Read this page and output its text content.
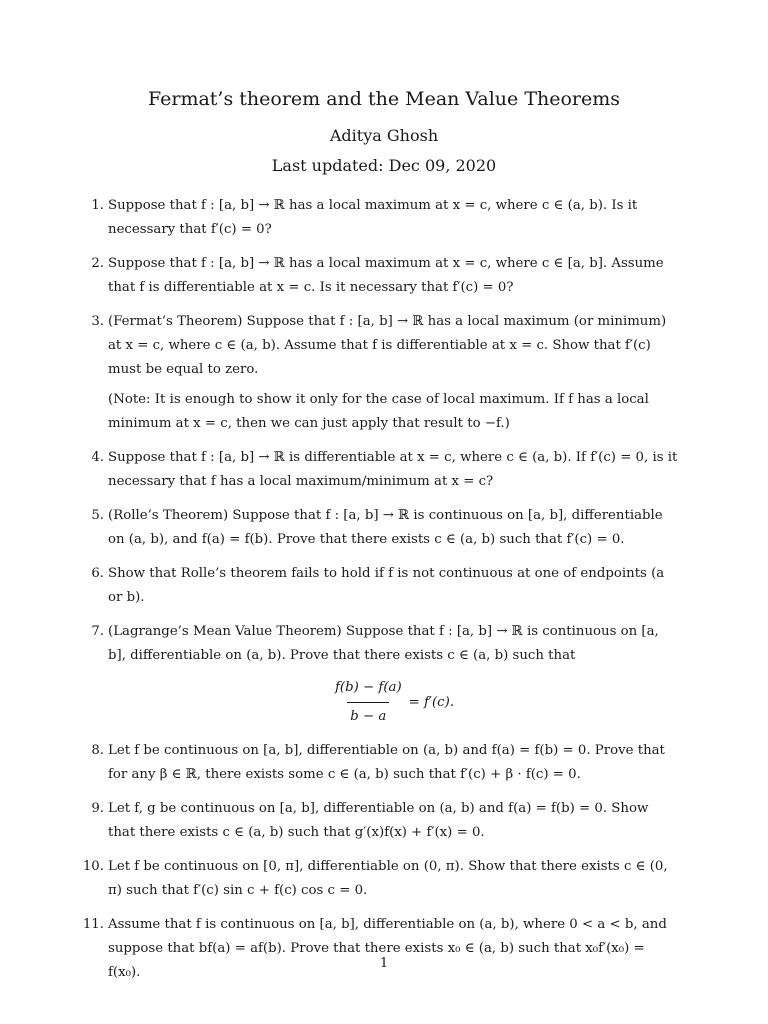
Fermat’s theorem and the Mean Value Theorems
Aditya Ghosh
Last updated: Dec 09, 2020
1. Suppose that f : [a, b] → ℝ has a local maximum at x = c, where c ∈ (a, b). Is it necessary that f′(c) = 0?

2. Suppose that f : [a, b] → ℝ has a local maximum at x = c, where c ∈ [a, b]. Assume that f is differentiable at x = c. Is it necessary that f′(c) = 0?

3. (Fermat’s Theorem) Suppose that f : [a, b] → ℝ has a local maximum (or minimum) at x = c, where c ∈ (a, b). Assume that f is differentiable at x = c. Show that f′(c) must be equal to zero.

(Note: It is enough to show it only for the case of local maximum. If f has a local minimum at x = c, then we can just apply that result to −f.)

4. Suppose that f : [a, b] → ℝ is differentiable at x = c, where c ∈ (a, b). If f′(c) = 0, is it necessary that f has a local maximum/minimum at x = c?

5. (Rolle’s Theorem) Suppose that f : [a, b] → ℝ is continuous on [a, b], differentiable on (a, b), and f(a) = f(b). Prove that there exists c ∈ (a, b) such that f′(c) = 0.

6. Show that Rolle’s theorem fails to hold if f is not continuous at one of endpoints (a or b).

7. (Lagrange’s Mean Value Theorem) Suppose that f : [a, b] → ℝ is continuous on [a, b], differentiable on (a, b). Prove that there exists c ∈ (a, b) such that

$\frac{f(b) - f(a)}{b - a} = f'(c)$.
8. Let f be continuous on [a, b], differentiable on (a, b) and f(a) = f(b) = 0. Prove that for any β ∈ ℝ, there exists some c ∈ (a, b) such that f′(c) + β · f(c) = 0.

9. Let f, g be continuous on [a, b], differentiable on (a, b) and f(a) = f(b) = 0. Show that there exists c ∈ (a, b) such that g′(x)f(x) + f′(x) = 0.

10. Let f be continuous on [0, π], differentiable on (0, π). Show that there exists c ∈ (0, π) such that f′(c) sin c + f(c) cos c = 0.

11. Assume that f is continuous on [a, b], differentiable on (a, b), where 0 < a < b, and suppose that bf(a) = af(b). Prove that there exists x₀ ∈ (a, b) such that x₀f′(x₀) = f(x₀).

1
